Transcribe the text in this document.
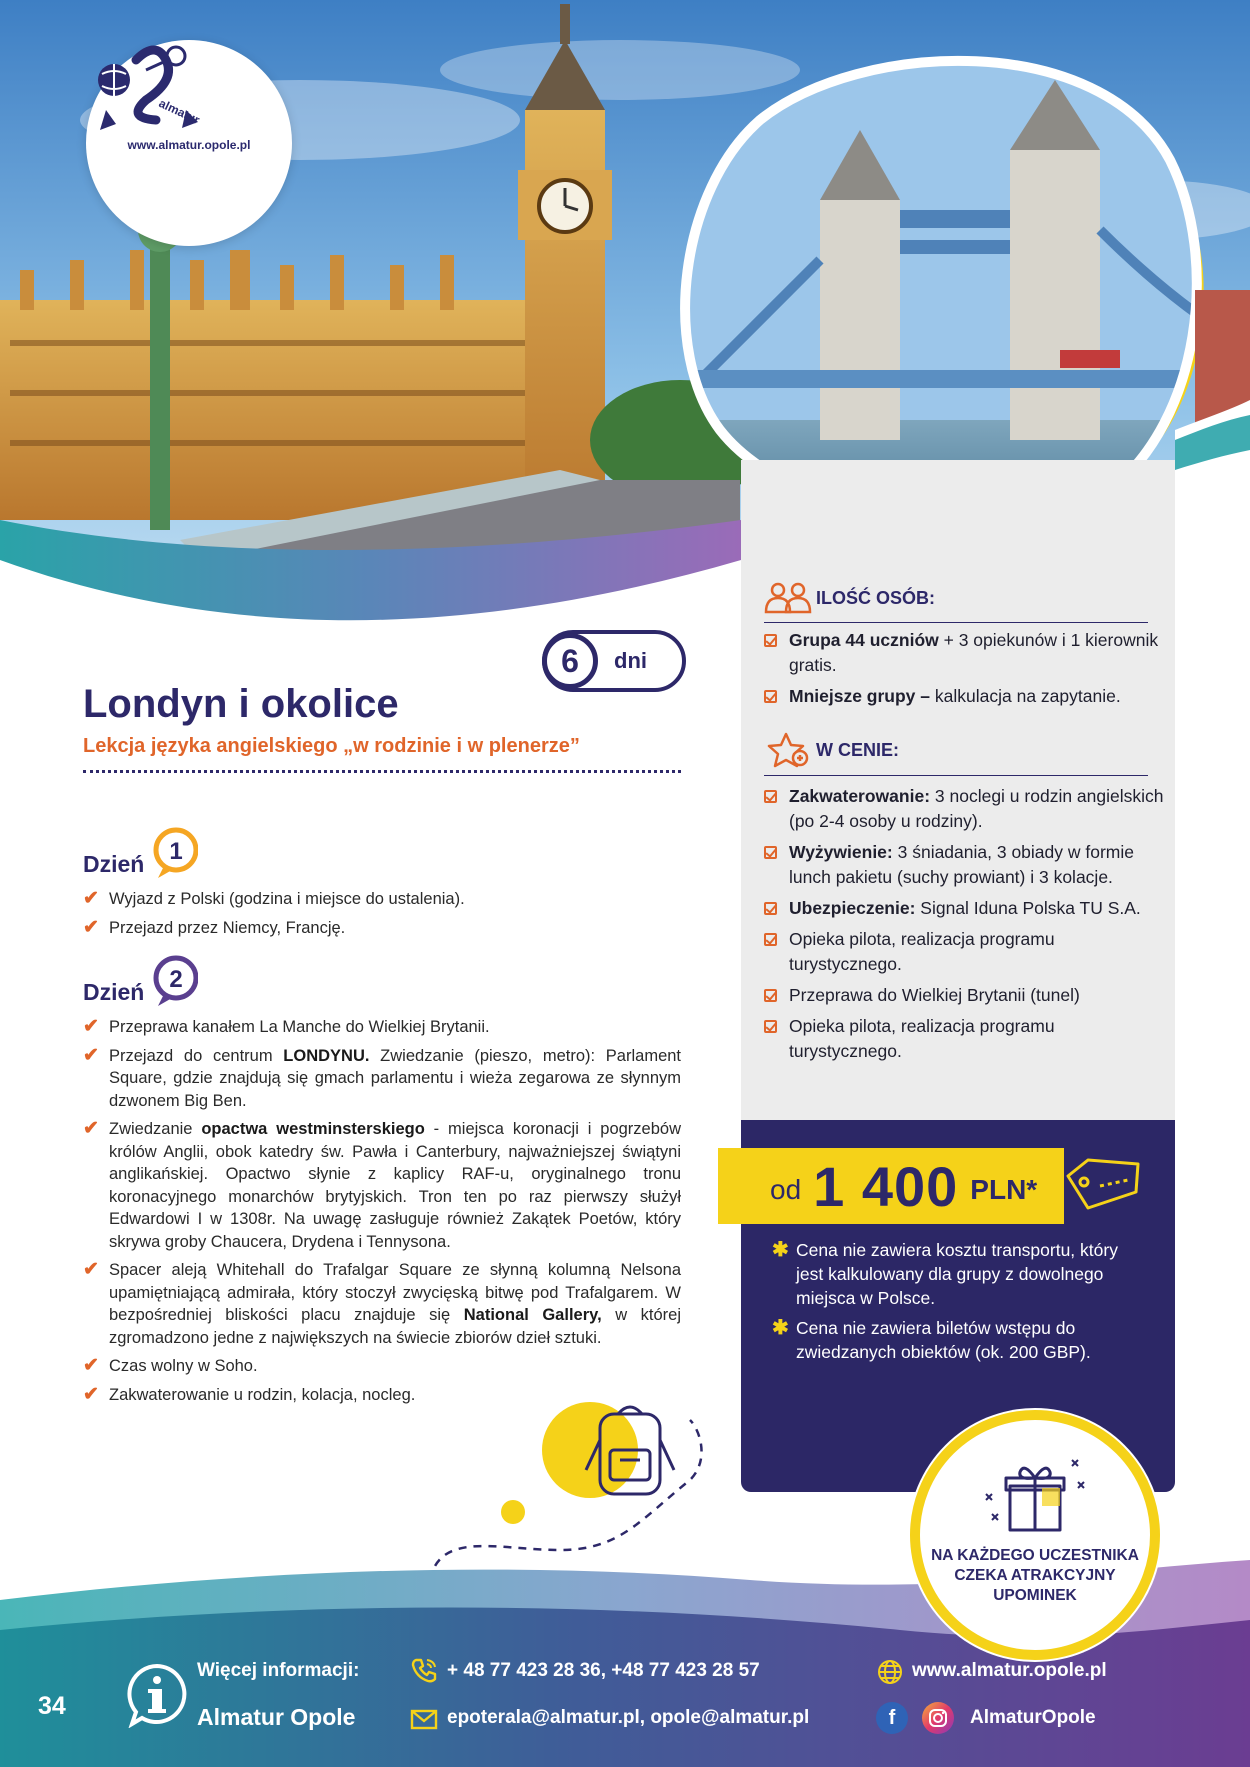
almatur
www.almatur.opole.pl
6	dni
Londyn i okolice
Lekcja języka angielskiego „w rodzinie i w plenerze”
Dzień 1
✔ Wyjazd z Polski (godzina i miejsce do ustalenia).
✔ Przejazd przez Niemcy, Francję.
Dzień 2
✔ Przeprawa kanałem La Manche do Wielkiej Brytanii.
✔ Przejazd do centrum LONDYNU. Zwiedzanie (pieszo, metro): Parlament Square, gdzie znajdują się gmach parlamentu i wieża zegarowa ze słynnym dzwonem Big Ben.
✔ Zwiedzanie opactwa westminsterskiego - miejsca koronacji i pogrzebów królów Anglii, obok katedry św. Pawła i Canterbury, najważniejszej świątyni anglikańskiej. Opactwo słynie z kaplicy RAF-u, oryginalnego tronu koronacyjnego monarchów brytyjskich. Tron ten po raz pierwszy służył Edwardowi I w 1308r. Na uwagę zasługuje również Zakątek Poetów, który skrywa groby Chaucera, Drydena i Tennysona.
✔ Spacer aleją Whitehall do Trafalgar Square ze słynną kolumną Nelsona upamiętniającą admirała, który stoczył zwycięską bitwę pod Trafalgarem. W bezpośredniej bliskości placu znajduje się National Gallery, w której zgromadzono jedne z największych na świecie zbiorów dzieł sztuki.
✔ Czas wolny w Soho.
✔ Zakwaterowanie u rodzin, kolacja, nocleg.
ILOŚĆ OSÓB:
Grupa 44 uczniów + 3 opiekunów i 1 kierownik gratis.
Mniejsze grupy – kalkulacja na zapytanie.
W CENIE:
Zakwaterowanie: 3 noclegi u rodzin angielskich (po 2-4 osoby u rodziny).
Wyżywienie: 3 śniadania, 3 obiady w formie lunch pakietu (suchy prowiant) i 3 kolacje.
Ubezpieczenie: Signal Iduna Polska TU S.A.
Opieka pilota, realizacja programu turystycznego.
Przeprawa do Wielkiej Brytanii (tunel)
Opieka pilota, realizacja programu turystycznego.
od 1 400 PLN*
✱ Cena nie zawiera kosztu transportu, który jest kalkulowany dla grupy z dowolnego miejsca w Polsce.
✱ Cena nie zawiera biletów wstępu do zwiedzanych obiektów (ok. 200 GBP).
NA KAŻDEGO UCZESTNIKA CZEKA ATRAKCYJNY UPOMINEK
34
Więcej informacji:
Almatur Opole
+ 48 77 423 28 36, +48 77 423 28 57
epoterala@almatur.pl, opole@almatur.pl
www.almatur.opole.pl
f	AlmaturOpole
